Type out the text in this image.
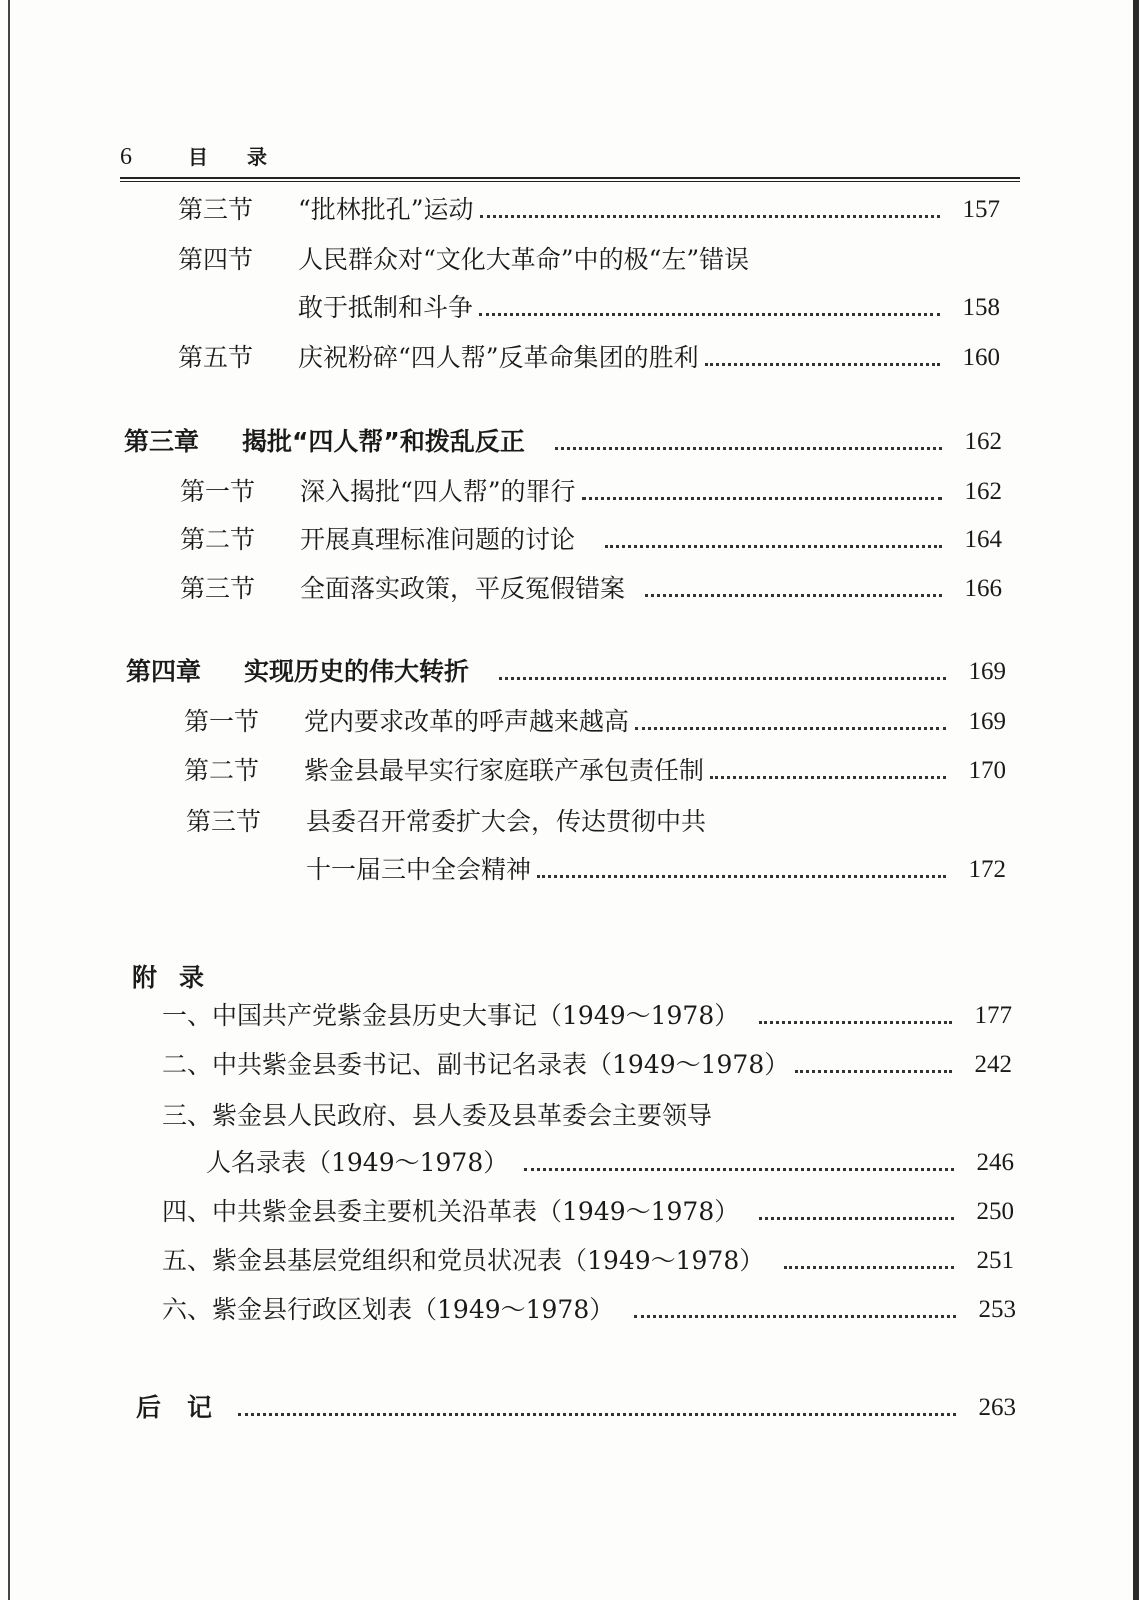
6	目 录
第三节	“批林批孔”运动	157
第四节 人民群众对“文化大革命”中的极“左”错误
敢于抵制和斗争	158
第五节	庆祝粉碎“四人帮”反革命集团的胜利	160
第三章	揭批“四人帮”和拨乱反正	162
第一节	深入揭批“四人帮”的罪行	162
第二节	开展真理标准问题的讨论	164
第三节	全面落实政策，平反冤假错案	166
第四章	实现历史的伟大转折	169
第一节	党内要求改革的呼声越来越高	169
第二节	紫金县最早实行家庭联产承包责任制	170
第三节 县委召开常委扩大会，传达贯彻中共
十一届三中全会精神	172
附录
一、中国共产党紫金县历史大事记（1949～1978）	177
二、中共紫金县委书记、副书记名录表（1949～1978）	242
三、紫金县人民政府、县人委及县革委会主要领导
人名录表（1949～1978）	246
四、中共紫金县委主要机关沿革表（1949～1978）	250
五、紫金县基层党组织和党员状况表（1949～1978）	251
六、紫金县行政区划表（1949～1978）	253
后记	263
